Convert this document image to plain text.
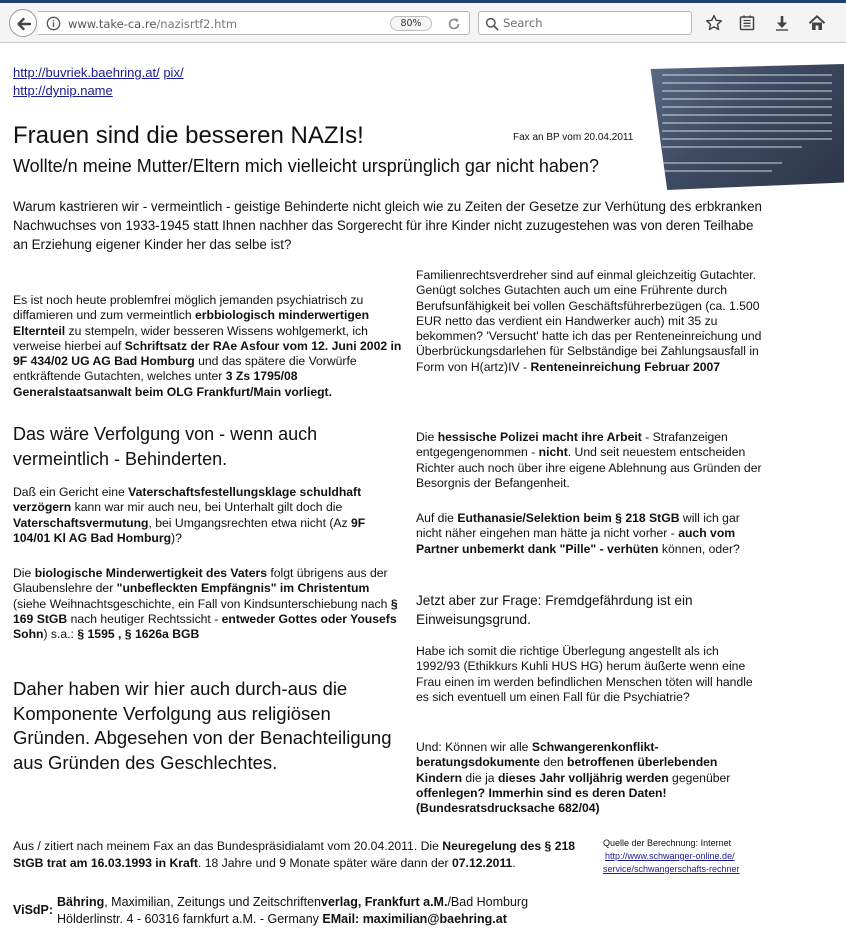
www.take-ca.re/nazisrtf2.htm	80%
Search
http://buvriek.baehring.at/ pix/
http://dynip.name
Frauen sind die besseren NAZIs!	Fax an BP vom 20.04.2011
Wollte/n meine Mutter/Eltern mich vielleicht ursprünglich gar nicht haben?

Warum kastrieren wir - vermeintlich - geistige Behinderte nicht gleich wie zu Zeiten der Gesetze zur Verhütung des erbkranken Nachwuchses von 1933-1945 statt Ihnen nachher das Sorgerecht für ihre Kinder nicht zuzugestehen was von deren Teilhabe an Erziehung eigener Kinder her das selbe ist?

Es ist noch heute problemfrei möglich jemanden psychiatrisch zu diffamieren und zum vermeintlich erbbiologisch minderwertigen Elternteil zu stempeln, wider besseren Wissens wohlgemerkt, ich verweise hierbei auf Schriftsatz der RAe Asfour vom 12. Juni 2002 in 9F 434/02 UG AG Bad Homburg und das spätere die Vorwürfe entkräftende Gutachten, welches unter 3 Zs 1795/08 Generalstaatsanwalt beim OLG Frankfurt/Main vorliegt.

Das wäre Verfolgung von - wenn auch vermeintlich - Behinderten.

Daß ein Gericht eine Vaterschaftsfestellungsklage schuldhaft verzögern kann war mir auch neu, bei Unterhalt gilt doch die Vaterschaftsvermutung, bei Umgangsrechten etwa nicht (Az 9F 104/01 Kl AG Bad Homburg)?

Die biologische Minderwertigkeit des Vaters folgt übrigens aus der Glaubenslehre der "unbefleckten Empfängnis" im Christentum (siehe Weihnachtsgeschichte, ein Fall von Kindsunterschiebung nach § 169 StGB nach heutiger Rechtssicht - entweder Gottes oder Yousefs Sohn) s.a.: § 1595 , § 1626a BGB

Daher haben wir hier auch durch-aus die Komponente Verfolgung aus religiösen Gründen. Abgesehen von der Benachteiligung aus Gründen des Geschlechtes.

Familienrechtsverdreher sind auf einmal gleichzeitig Gutachter. Genügt solches Gutachten auch um eine Frührente durch Berufsunfähigkeit bei vollen Geschäftsführerbezügen (ca. 1.500 EUR netto das verdient ein Handwerker auch) mit 35 zu bekommen? 'Versucht' hatte ich das per Renteneinreichung und Überbrückungsdarlehen für Selbständige bei Zahlungsausfall in Form von H(artz)IV - Renteneinreichung Februar 2007

Die hessische Polizei macht ihre Arbeit - Strafanzeigen entgegengenommen - nicht. Und seit neuestem entscheiden Richter auch noch über ihre eigene Ablehnung aus Gründen der Besorgnis der Befangenheit.

Auf die Euthanasie/Selektion beim § 218 StGB will ich gar nicht näher eingehen man hätte ja nicht vorher - auch vom Partner unbemerkt dank "Pille" - verhüten können, oder?

Jetzt aber zur Frage: Fremdgefährdung ist ein Einweisungsgrund.

Habe ich somit die richtige Überlegung angestellt als ich 1992/93 (Ethikkurs Kuhli HUS HG) herum äußerte wenn eine Frau einen im werden befindlichen Menschen töten will handle es sich eventuell um einen Fall für die Psychiatrie?

Und: Können wir alle Schwangerenkonflikt-beratungsdokumente den betroffenen überlebenden Kindern die ja dieses Jahr volljährig werden gegenüber offenlegen? Immerhin sind es deren Daten! (Bundesratsdrucksache 682/04)

Aus / zitiert nach meinem Fax an das Bundespräsidialamt vom 20.04.2011. Die Neuregelung des § 218 StGB trat am 16.03.1993 in Kraft. 18 Jahre und 9 Monate später wäre dann der 07.12.2011.

Quelle der Berechnung: Internet
http://www.schwanger-online.de/
service/schwangerschafts-rechner
ViSdP:
Bähring, Maximilian, Zeitungs und Zeitschriftenverlag, Frankfurt a.M./Bad Homburg
Hölderlinstr. 4 - 60316 farnkfurt a.M. - Germany EMail: maximilian@baehring.at
